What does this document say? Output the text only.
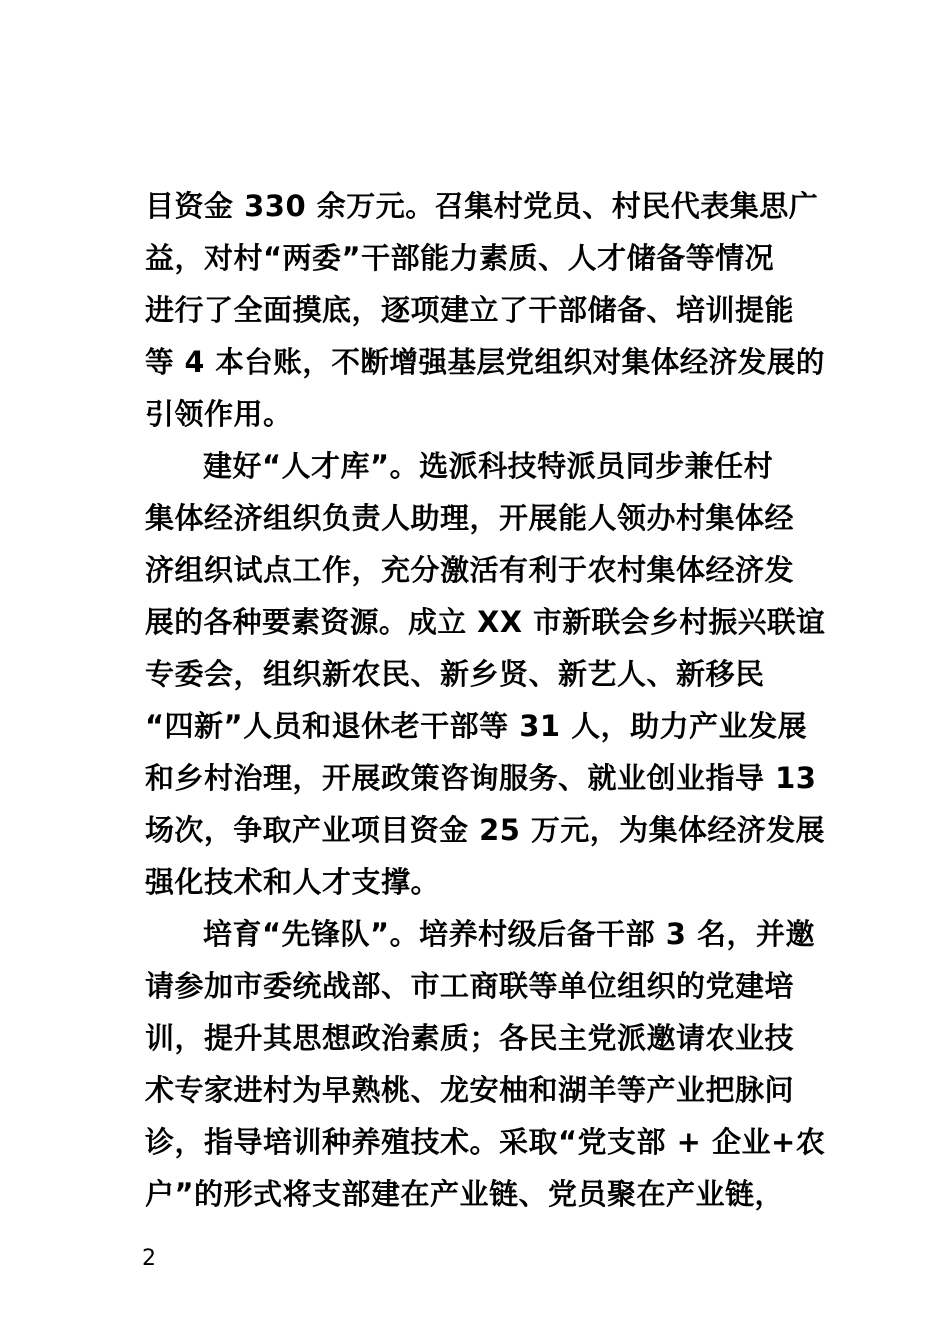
目资金 330 余万元。召集村党员、村民代表集思广
益，对村“两委”干部能力素质、人才储备等情况
进行了全面摸底，逐项建立了干部储备、培训提能
等 4 本台账，不断增强基层党组织对集体经济发展的
引领作用。
建好“人才库”。选派科技特派员同步兼任村
集体经济组织负责人助理，开展能人领办村集体经
济组织试点工作，充分激活有利于农村集体经济发
展的各种要素资源。成立 XX 市新联会乡村振兴联谊
专委会，组织新农民、新乡贤、新艺人、新移民
“四新”人员和退休老干部等 31 人，助力产业发展
和乡村治理，开展政策咨询服务、就业创业指导 13
场次，争取产业项目资金 25 万元，为集体经济发展
强化技术和人才支撑。
培育“先锋队”。培养村级后备干部 3 名，并邀
请参加市委统战部、市工商联等单位组织的党建培
训，提升其思想政治素质；各民主党派邀请农业技
术专家进村为早熟桃、龙安柚和湖羊等产业把脉问
诊，指导培训种养殖技术。采取“党支部 + 企业+农
户”的形式将支部建在产业链、党员聚在产业链，
2
